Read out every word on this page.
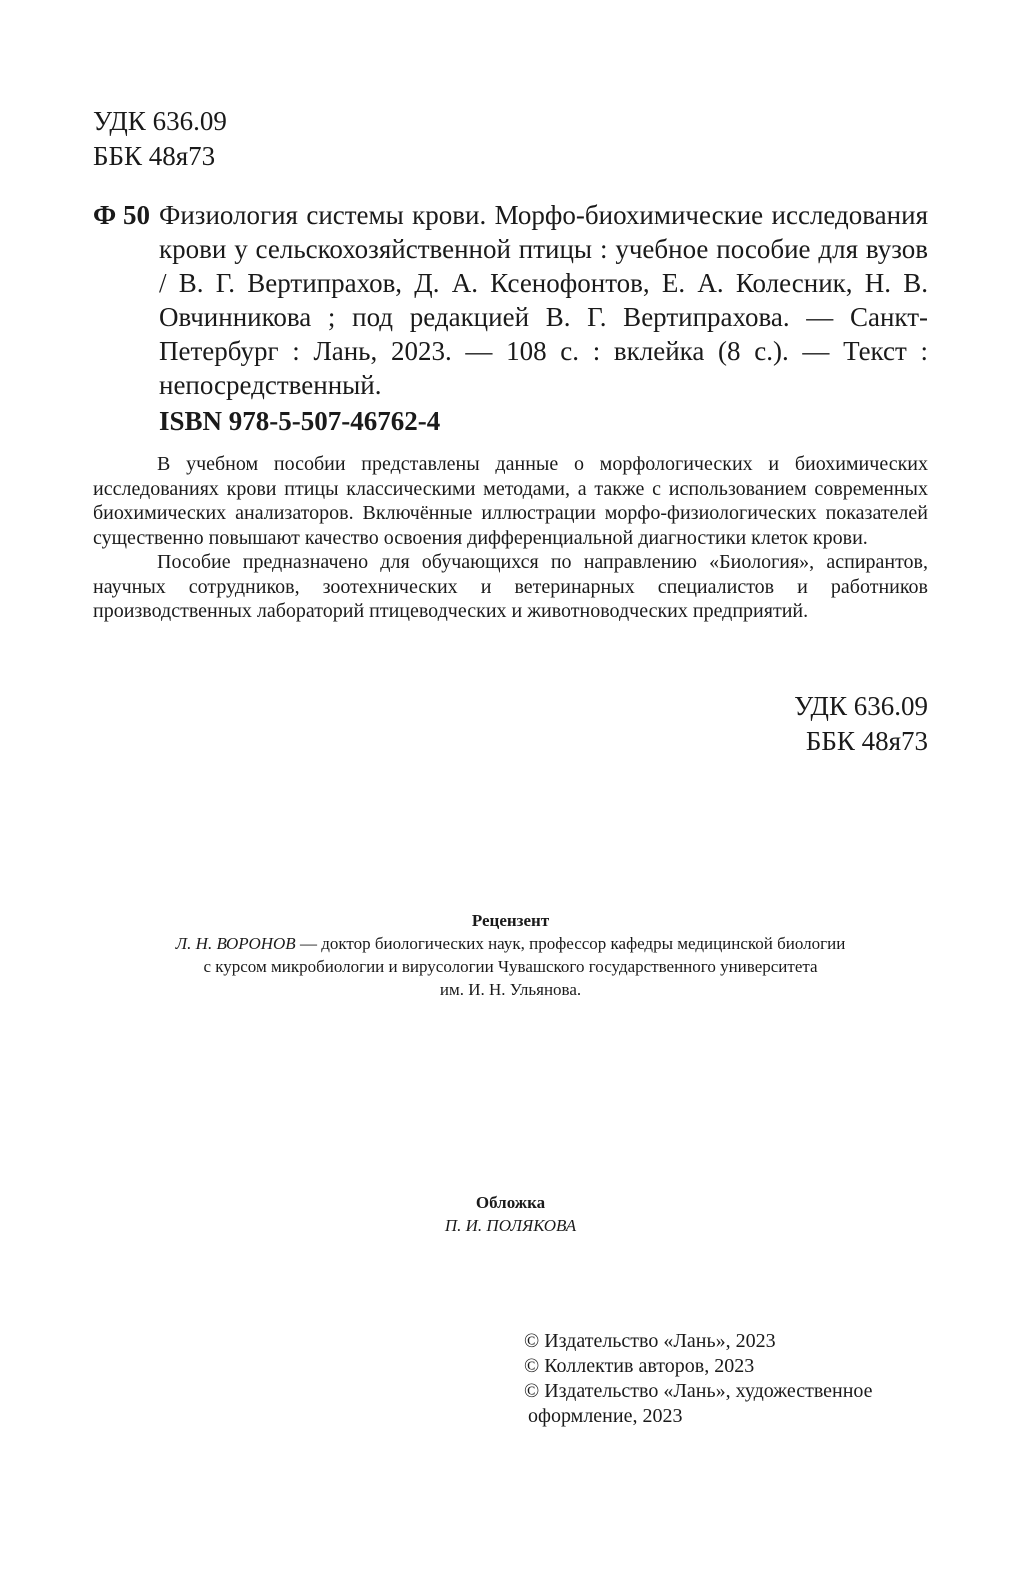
УДК 636.09
ББК 48я73
Ф 50 Физиология системы крови. Морфо-биохимические исследования крови у сельскохозяйственной птицы : учебное пособие для вузов / В. Г. Вертипрахов, Д. А. Ксенофонтов, Е. А. Колесник, Н. В. Овчинникова ; под редакцией В. Г. Вертипрахова. — Санкт-Петербург : Лань, 2023. — 108 с. : вклейка (8 с.). — Текст : непосредственный.
ISBN 978-5-507-46762-4

В учебном пособии представлены данные о морфологических и биохимических исследованиях крови птицы классическими методами, а также с использованием современных биохимических анализаторов. Включённые иллюстрации морфо-физиологических показателей существенно повышают качество освоения дифференциальной диагностики клеток крови.

Пособие предназначено для обучающихся по направлению «Биология», аспирантов, научных сотрудников, зоотехнических и ветеринарных специалистов и работников производственных лабораторий птицеводческих и животноводческих предприятий.

УДК 636.09
ББК 48я73
Рецензент
Л. Н. ВОРОНОВ — доктор биологических наук, профессор кафедры медицинской биологии
с курсом микробиологии и вирусологии Чувашского государственного университета
им. И. Н. Ульянова.
Обложка
П. И. ПОЛЯКОВА
© Издательство «Лань», 2023
© Коллектив авторов, 2023
© Издательство «Лань», художественное
оформление, 2023
